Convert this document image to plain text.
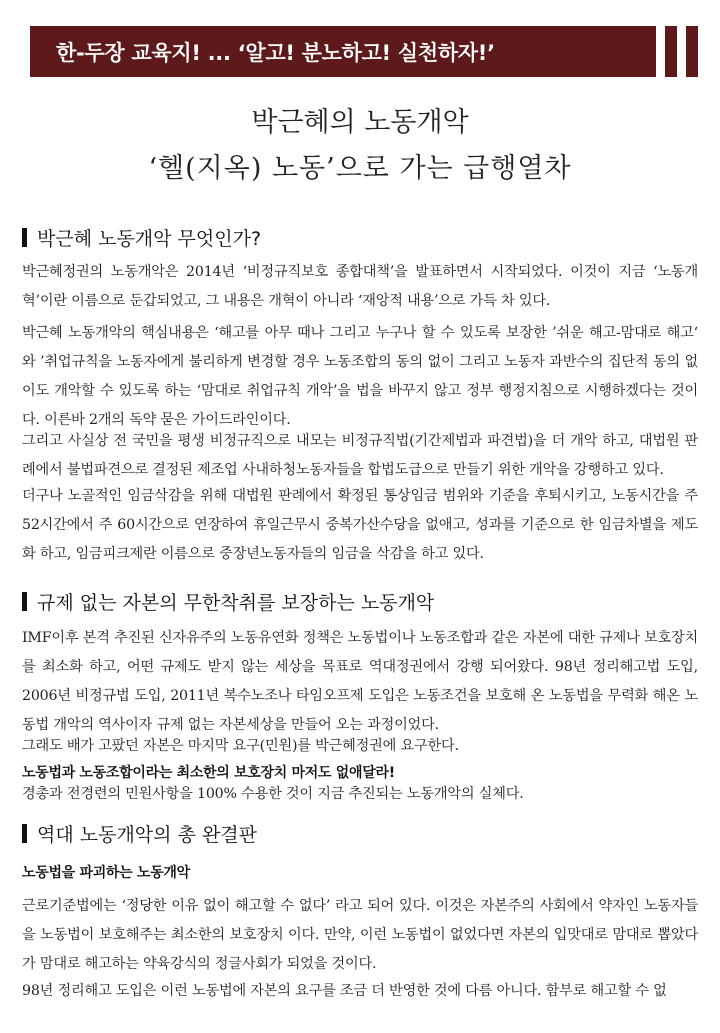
한-두장 교육지! ... ‘알고! 분노하고! 실천하자!’
박근혜의 노동개악
‘헬(지옥) 노동’으로 가는 급행열차
박근혜 노동개악 무엇인가?
박근혜정권의 노동개악은 2014년 ‘비정규직보호 종합대책’을 발표하면서 시작되었다. 이것이 지금 ‘노동개혁’이란 이름으로 둔갑되었고, 그 내용은 개혁이 아니라 ‘재앙적 내용’으로 가득 차 있다.
박근혜 노동개악의 핵심내용은 ‘해고를 아무 때나 그리고 누구나 할 수 있도록 보장한 ’쉬운 해고-맘대로 해고‘ 와 ’취업규칙을 노동자에게 불리하게 변경할 경우 노동조합의 동의 없이 그리고 노동자 과반수의 집단적 동의 없이도 개악할 수 있도록 하는 ‘맘대로 취업규칙 개악’을 법을 바꾸지 않고 정부 행정지침으로 시행하겠다는 것이다. 이른바 2개의 독약 묻은 가이드라인이다.
그리고 사실상 전 국민을 평생 비정규직으로 내모는 비정규직법(기간제법과 파견법)을 더 개악 하고, 대법원 판례에서 불법파견으로 결정된 제조업 사내하청노동자들을 합법도급으로 만들기 위한 개악을 강행하고 있다.
더구나 노골적인 임금삭감을 위해 대법원 판례에서 확정된 통상임금 범위와 기준을 후퇴시키고, 노동시간을 주 52시간에서 주 60시간으로 연장하여 휴일근무시 중복가산수당을 없애고, 성과를 기준으로 한 임금차별을 제도화 하고, 임금피크제란 이름으로 중장년노동자들의 임금을 삭감을 하고 있다.
규제 없는 자본의 무한착취를 보장하는 노동개악
IMF이후 본격 추진된 신자유주의 노동유연화 정책은 노동법이나 노동조합과 같은 자본에 대한 규제나 보호장치를 최소화 하고, 어떤 규제도 받지 않는 세상을 목표로 역대정권에서 강행 되어왔다. 98년 정리해고법 도입, 2006년 비정규법 도입, 2011년 복수노조나 타임오프제 도입은 노동조건을 보호해 온 노동법을 무력화 해온 노동법 개악의 역사이자 규제 없는 자본세상을 만들어 오는 과정이었다.
그래도 배가 고팠던 자본은 마지막 요구(민원)를 박근혜정권에 요구한다.
노동법과 노동조합이라는 최소한의 보호장치 마저도 없애달라!
경총과 전경련의 민원사항을 100% 수용한 것이 지금 추진되는 노동개악의 실체다.
역대 노동개악의 총 완결판
노동법을 파괴하는 노동개악
근로기준법에는 ‘정당한 이유 없이 해고할 수 없다’ 라고 되어 있다. 이것은 자본주의 사회에서 약자인 노동자들을 노동법이 보호해주는 최소한의 보호장치 이다. 만약, 이런 노동법이 없었다면 자본의 입맛대로 맘대로 뽑았다가 맘대로 해고하는 약육강식의 정글사회가 되었을 것이다.
98년 정리해고 도입은 이런 노동법에 자본의 요구를 조금 더 반영한 것에 다름 아니다. 함부로 해고할 수 없
